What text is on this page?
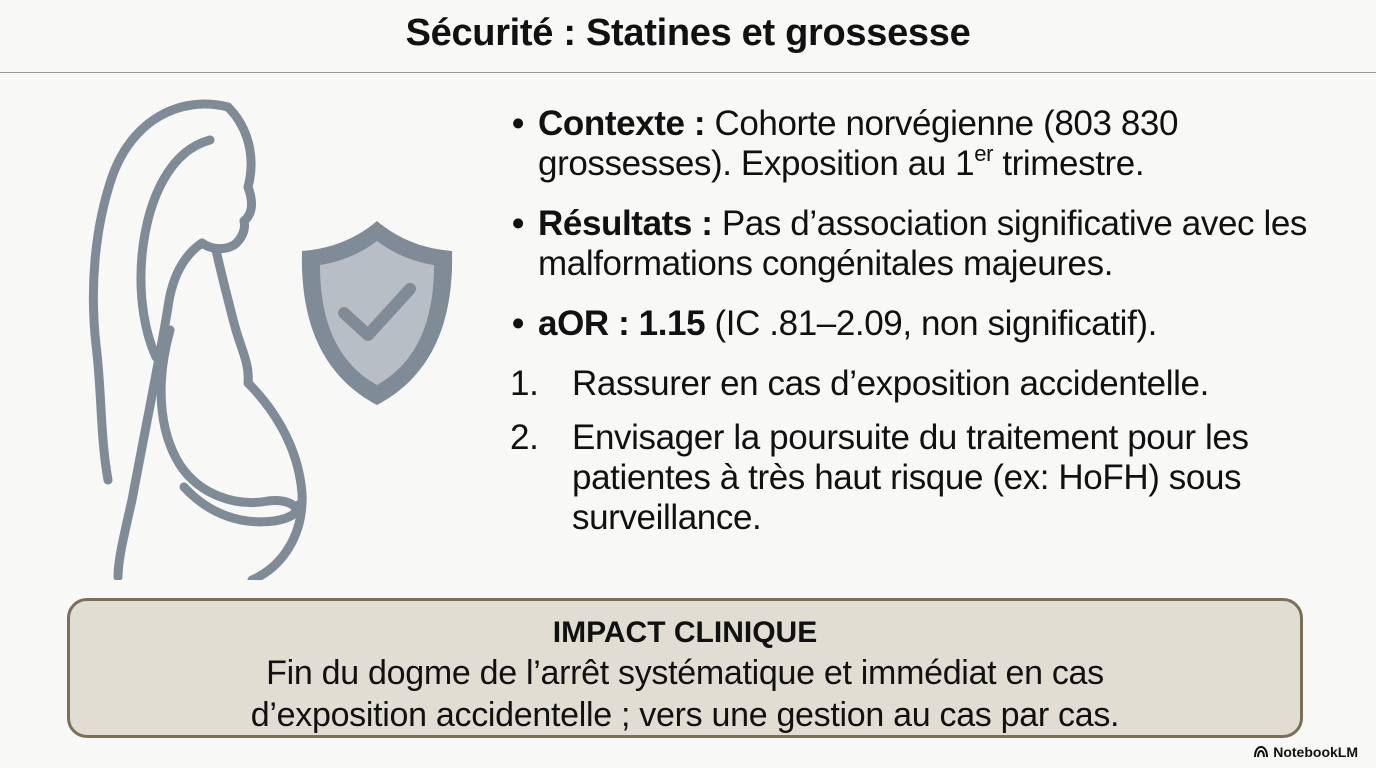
Sécurité : Statines et grossesse
• Contexte : Cohorte norvégienne (803 830 grossesses). Exposition au 1er trimestre.
• Résultats : Pas d’association significative avec les malformations congénitales majeures.
• aOR : 1.15 (IC .81–2.09, non significatif).
1. Rassurer en cas d’exposition accidentelle.
2. Envisager la poursuite du traitement pour les patientes à très haut risque (ex: HoFH) sous surveillance.
IMPACT CLINIQUE
Fin du dogme de l’arrêt systématique et immédiat en cas
d’exposition accidentelle ; vers une gestion au cas par cas.
NotebookLM
